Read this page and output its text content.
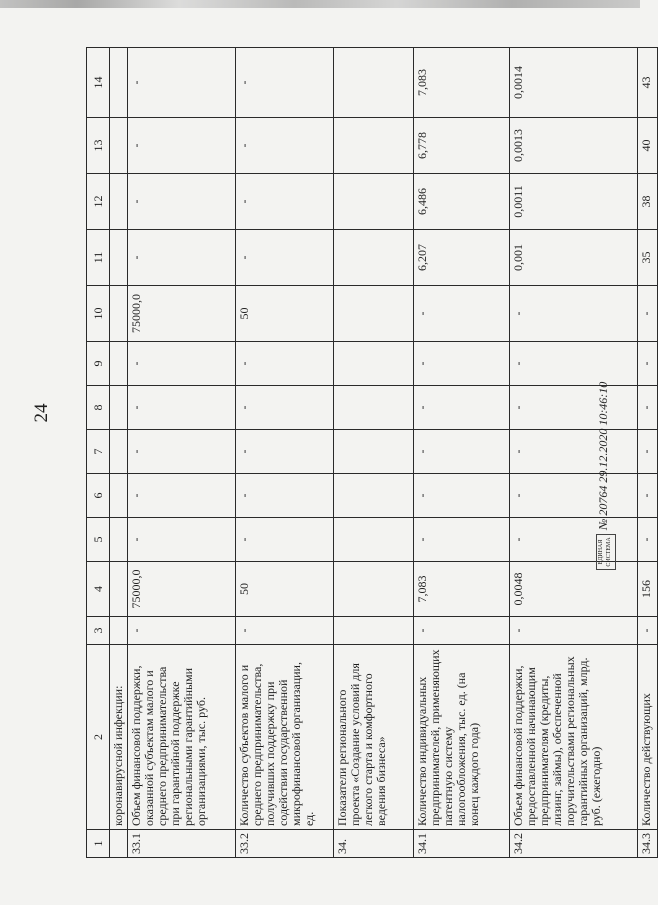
24
1	2	3	4	5	6	7	8	9	10	11	12	13	14
	коронавирусной инфекции:												
33.1	Объем финансовой поддержки, оказанной субъектам малого и среднего предпринимательства при гарантийной поддержке региональными гарантийными организациями, тыс. руб.	-	75000,0	-	-	-	-	-	75000,0	-	-	-	-
33.2	Количество субъектов малого и среднего предпринимательства, получивших поддержку при содействии государственной микрофинансовой организации, ед.	-	50	-	-	-	-	-	50	-	-	-	-
34.	Показатели регионального проекта «Создание условий для легкого старта и комфортного ведения бизнеса»												
34.1	Количество индивидуальных предпринимателей, применяющих патентную систему налогообложения, тыс. ед. (на конец каждого года)	-	7,083	-	-	-	-	-	-	6,207	6,486	6,778	7,083
34.2	Объем финансовой поддержки, предоставленной начинающим предпринимателям (кредиты, лизинг, займы), обеспеченной поручительствами региональных гарантийных организаций, млрд. руб. (ежегодно)	-	0,0048	-	-	-	-	-	-	0,001	0,0011	0,0013	0,0014
34.3	Количество действующих	-	156	-	-	-	-	-	-	35	38	40	43
ЕДИНАЯ СИСТЕМА
№ 20764 29.12.2020 10:46:10
